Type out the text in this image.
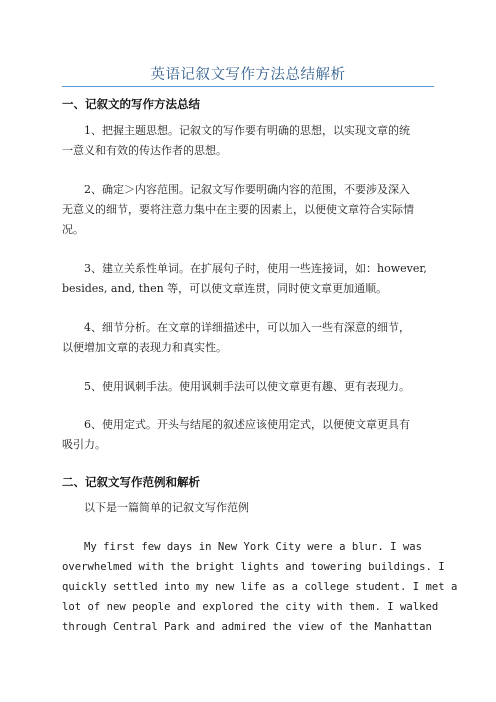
英语记叙文写作方法总结解析
一、记叙文的写作方法总结
1、把握主题思想。记叙文的写作要有明确的思想，以实现文章的统
一意义和有效的传达作者的思想。
2、确定＞内容范围。记叙文写作要明确内容的范围，不要涉及深入
无意义的细节，要将注意力集中在主要的因素上，以便使文章符合实际情
况。
3、建立关系性单词。在扩展句子时，使用一些连接词，如：however,
besides, and, then 等，可以使文章连贯，同时使文章更加通顺。
4、细节分析。在文章的详细描述中，可以加入一些有深意的细节，
以便增加文章的表现力和真实性。
5、使用讽刺手法。使用讽刺手法可以使文章更有趣、更有表现力。
6、使用定式。开头与结尾的叙述应该使用定式，以便使文章更具有
吸引力。
二、记叙文写作范例和解析
以下是一篇简单的记叙文写作范例
My first few days in New York City were a blur. I was
overwhelmed with the bright lights and towering buildings. I
quickly settled into my new life as a college student. I met a
lot of new people and explored the city with them. I walked
through Central Park and admired the view of the Manhattan
